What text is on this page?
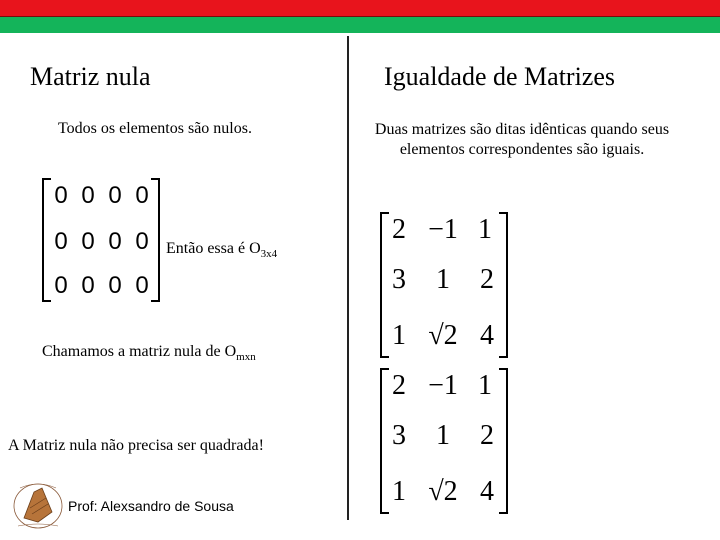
Matriz nula
Todos os elementos são nulos.
0 0 0 0
0 0 0 0
0 0 0 0
Então essa é $O_{3x4}$
Chamamos a matriz nula de $O_{mxn}$
A Matriz nula não precisa ser quadrada!
Prof: Alexsandro de Sousa
Igualdade de Matrizes
Duas matrizes são ditas idênticas quando seus elementos correspondentes são iguais.
2 −1 1
3	1	2
1 √2 4
2 −1 1
3	1	2
1 √2 4
